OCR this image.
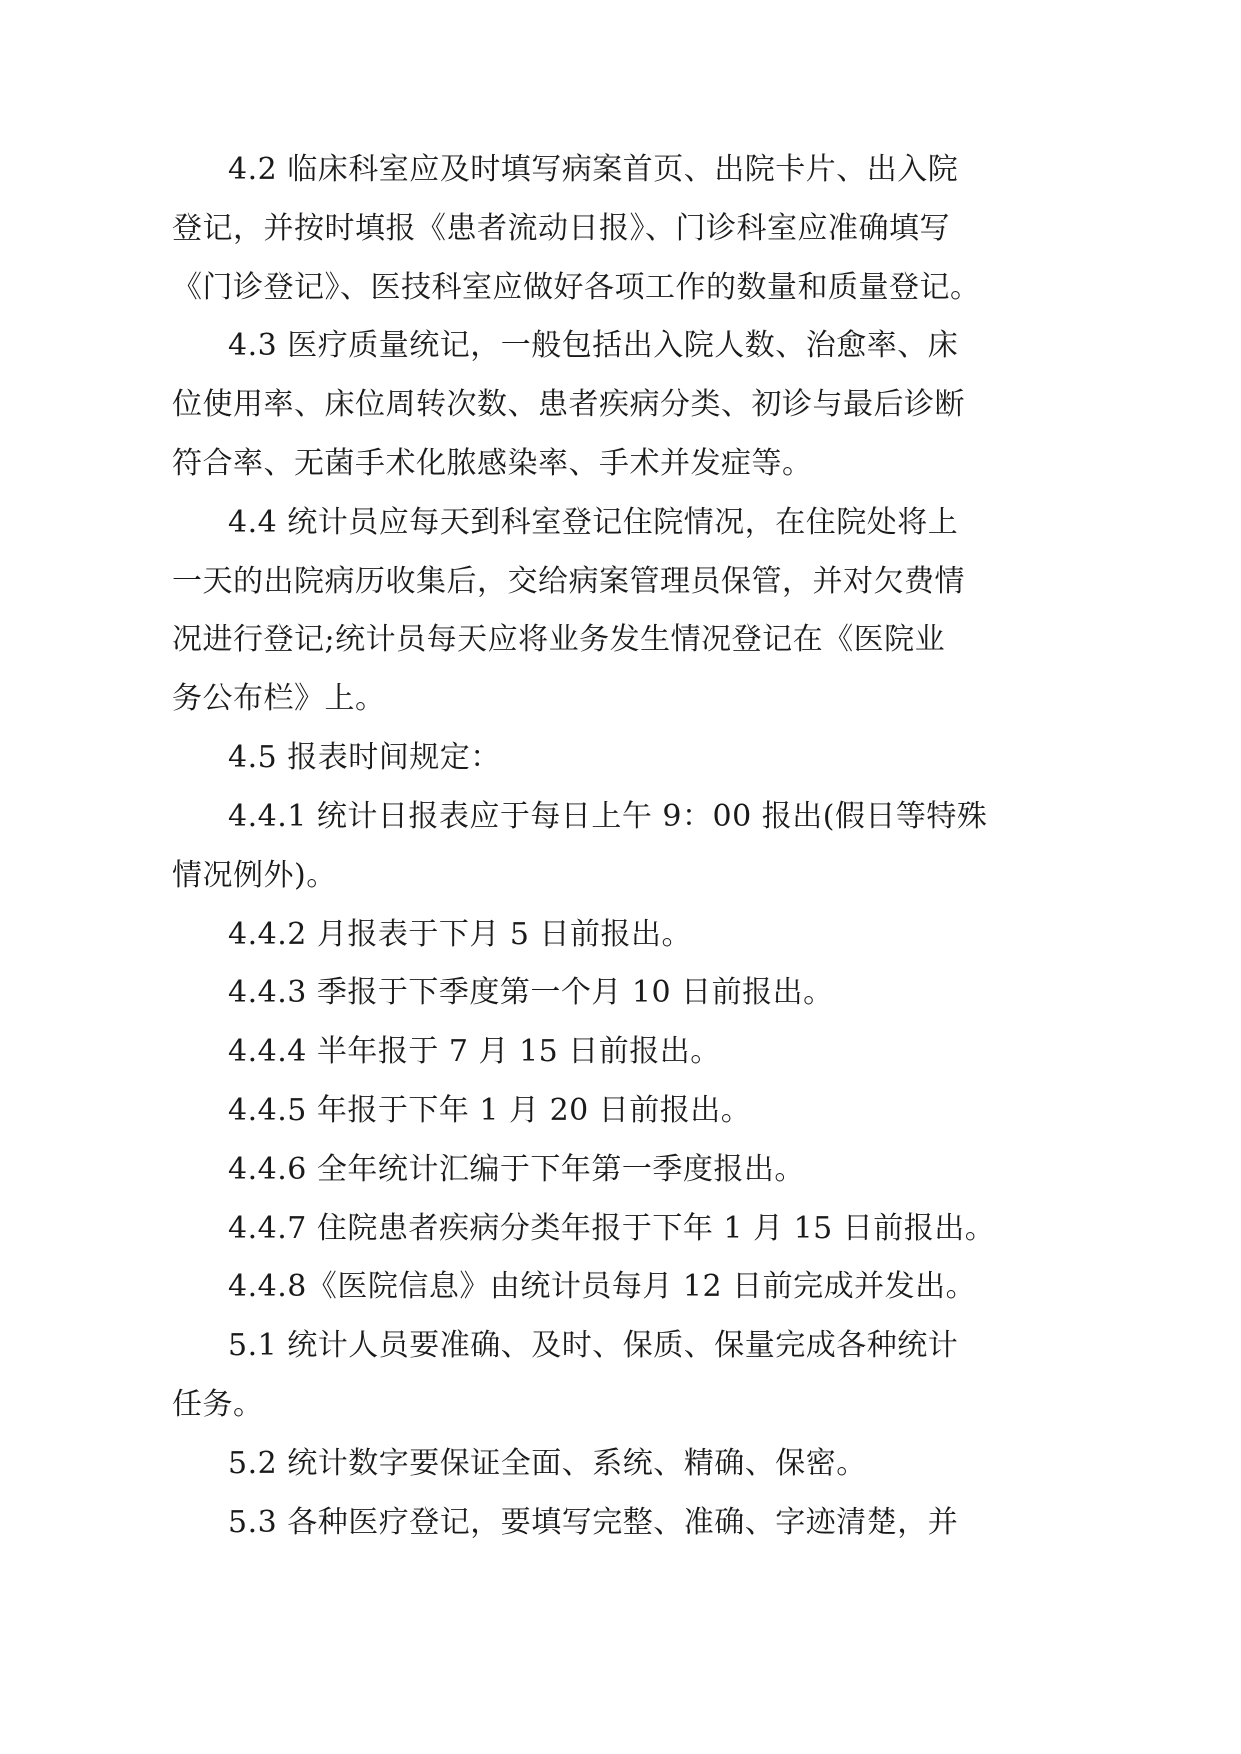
4.2 临床科室应及时填写病案首页、出院卡片、出入院
登记，并按时填报《患者流动日报》、门诊科室应准确填写
《门诊登记》、医技科室应做好各项工作的数量和质量登记。
4.3 医疗质量统记，一般包括出入院人数、治愈率、床
位使用率、床位周转次数、患者疾病分类、初诊与最后诊断
符合率、无菌手术化脓感染率、手术并发症等。
4.4 统计员应每天到科室登记住院情况，在住院处将上
一天的出院病历收集后，交给病案管理员保管，并对欠费情
况进行登记;统计员每天应将业务发生情况登记在《医院业
务公布栏》上。
4.5 报表时间规定：
4.4.1 统计日报表应于每日上午 9：00 报出(假日等特殊
情况例外)。
4.4.2 月报表于下月 5 日前报出。
4.4.3 季报于下季度第一个月 10 日前报出。
4.4.4 半年报于 7 月 15 日前报出。
4.4.5 年报于下年 1 月 20 日前报出。
4.4.6 全年统计汇编于下年第一季度报出。
4.4.7 住院患者疾病分类年报于下年 1 月 15 日前报出。
4.4.8《医院信息》由统计员每月 12 日前完成并发出。
5.1 统计人员要准确、及时、保质、保量完成各种统计
任务。
5.2 统计数字要保证全面、系统、精确、保密。
5.3 各种医疗登记，要填写完整、准确、字迹清楚，并
